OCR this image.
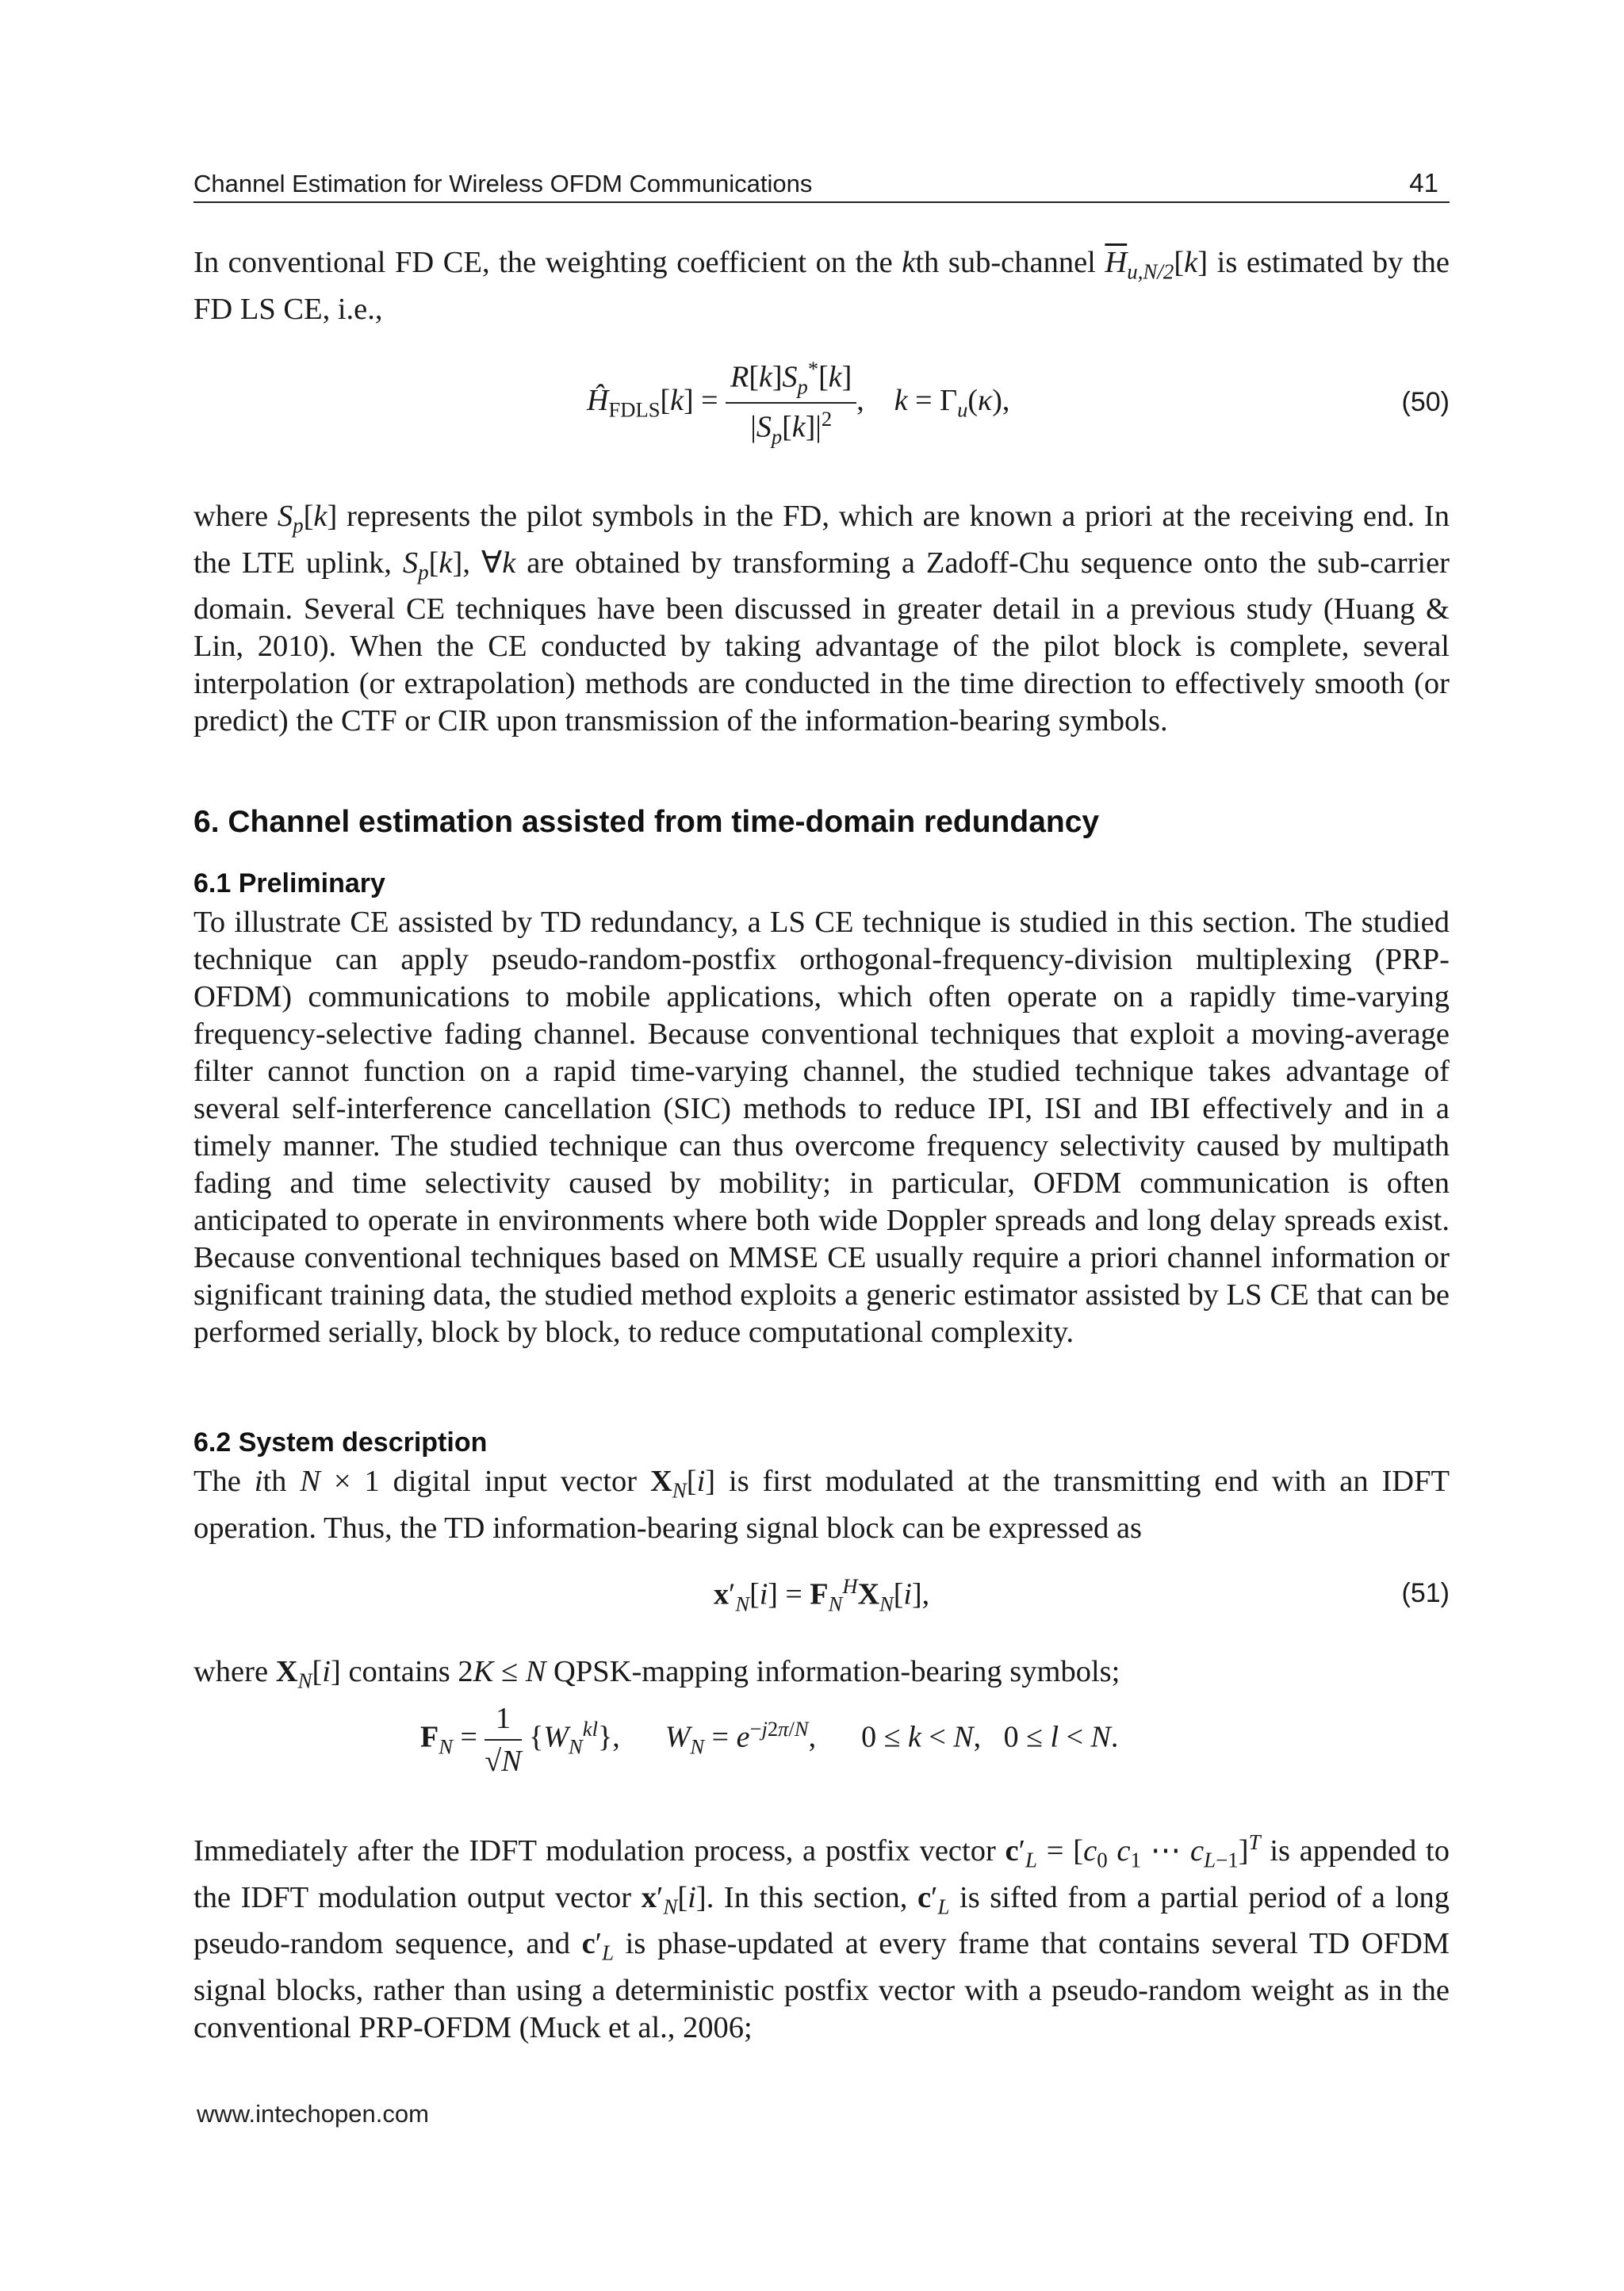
Channel Estimation for Wireless OFDM Communications	41

In conventional FD CE, the weighting coefficient on the kth sub-channel $\overline{H}_{u,N/2}[k]$ is estimated by the FD LS CE, i.e.,

$Ĥ_{FDLS}[k] = \frac{R[k]S_p^*[k]}{|S_p[k]|^2}$ ,    $k = \Gamma_u(\kappa)$,	(50)

where $S_p[k]$ represents the pilot symbols in the FD, which are known a priori at the receiving end. In the LTE uplink, $S_p[k]$, ∀k are obtained by transforming a Zadoff-Chu sequence onto the sub-carrier domain. Several CE techniques have been discussed in greater detail in a previous study (Huang & Lin, 2010). When the CE conducted by taking advantage of the pilot block is complete, several interpolation (or extrapolation) methods are conducted in the time direction to effectively smooth (or predict) the CTF or CIR upon transmission of the information-bearing symbols.

6. Channel estimation assisted from time-domain redundancy
6.1 Preliminary

To illustrate CE assisted by TD redundancy, a LS CE technique is studied in this section. The studied technique can apply pseudo-random-postfix orthogonal-frequency-division multiplexing (PRP-OFDM) communications to mobile applications, which often operate on a rapidly time-varying frequency-selective fading channel. Because conventional techniques that exploit a moving-average filter cannot function on a rapid time-varying channel, the studied technique takes advantage of several self-interference cancellation (SIC) methods to reduce IPI, ISI and IBI effectively and in a timely manner. The studied technique can thus overcome frequency selectivity caused by multipath fading and time selectivity caused by mobility; in particular, OFDM communication is often anticipated to operate in environments where both wide Doppler spreads and long delay spreads exist. Because conventional techniques based on MMSE CE usually require a priori channel information or significant training data, the studied method exploits a generic estimator assisted by LS CE that can be performed serially, block by block, to reduce computational complexity.

6.2 System description

The ith N × 1 digital input vector $X_N[i]$ is first modulated at the transmitting end with an IDFT operation. Thus, the TD information-bearing signal block can be expressed as

$x'_N[i] = F_N^HX_N[i]$,	(51)

where $X_N[i]$ contains 2K ≤ N QPSK-mapping information-bearing symbols;

$F_N = \frac{1}{√N} \{W_N^{kl}\}$,      $W_N = e^{-j2\pi/N}$,      0 ≤ k < N,   0 ≤ l < N.

Immediately after the IDFT modulation process, a postfix vector $c'_L = [c_0$ $c_1$ ⋯ $c_{L-1}]^T$ is appended to the IDFT modulation output vector $x'_N[i]$. In this section, $c'_L$ is sifted from a partial period of a long pseudo-random sequence, and $c'_L$ is phase-updated at every frame that contains several TD OFDM signal blocks, rather than using a deterministic postfix vector with a pseudo-random weight as in the conventional PRP-OFDM (Muck et al., 2006;

www.intechopen.com
